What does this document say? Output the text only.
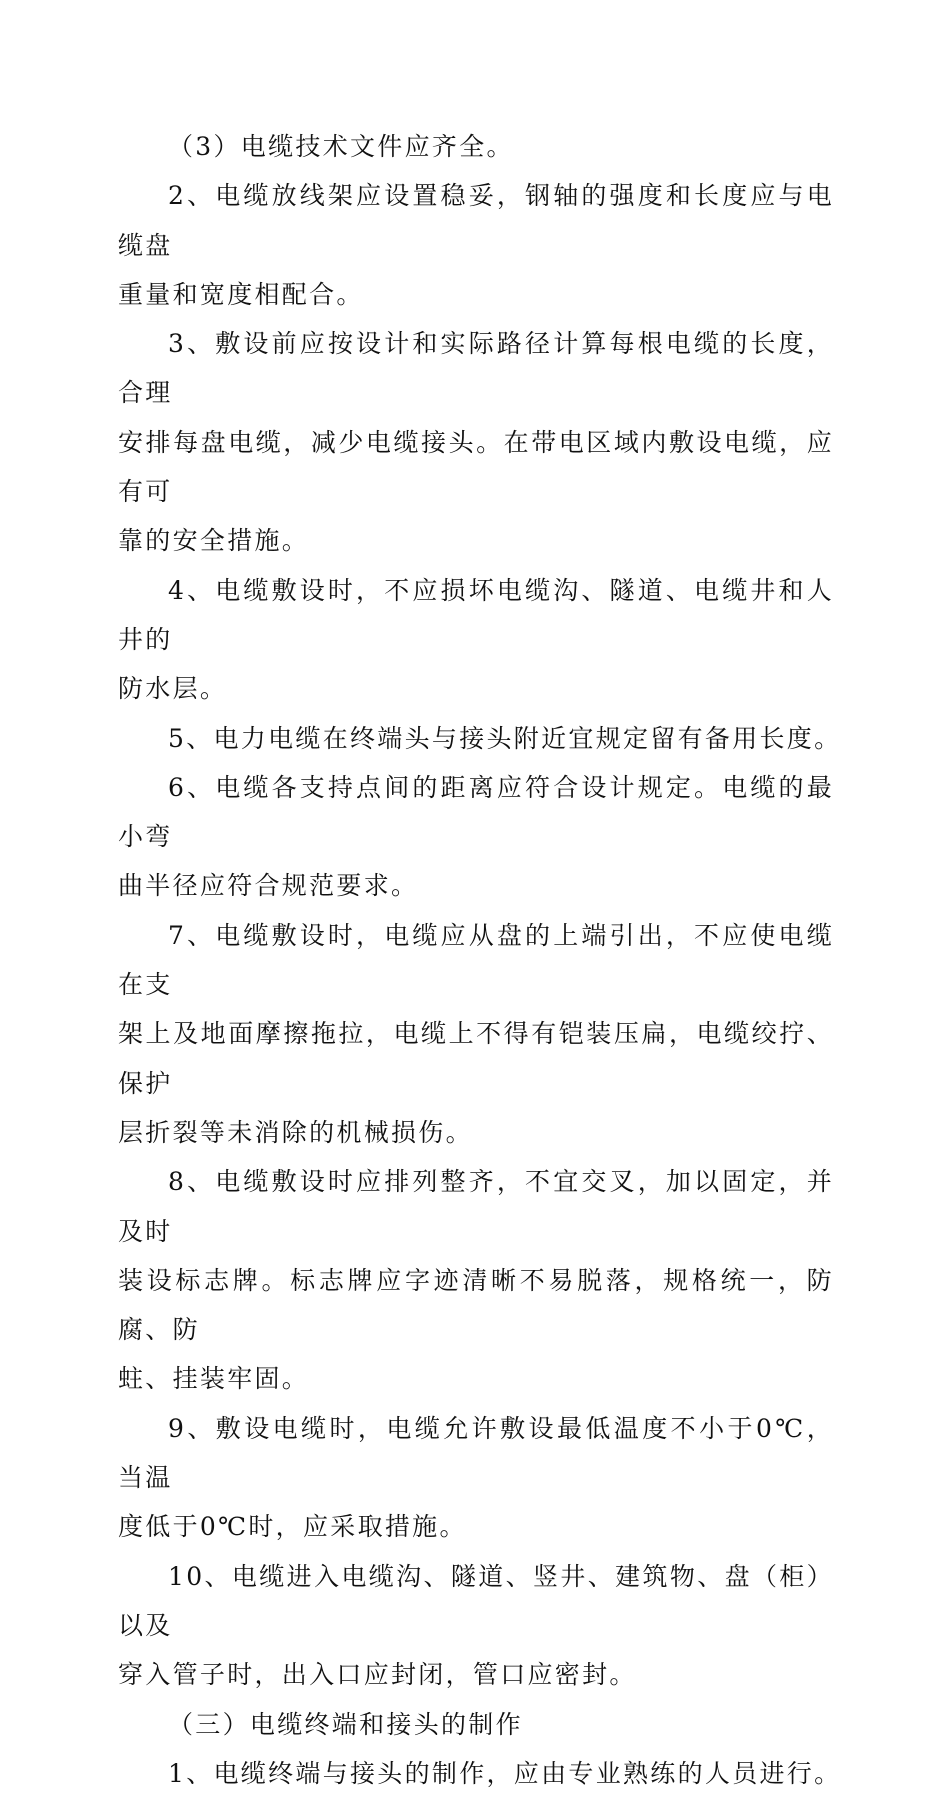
（3）电缆技术文件应齐全。

2、电缆放线架应设置稳妥，钢轴的强度和长度应与电缆盘
重量和宽度相配合。

3、敷设前应按设计和实际路径计算每根电缆的长度，合理
安排每盘电缆，减少电缆接头。在带电区域内敷设电缆，应有可
靠的安全措施。

4、电缆敷设时，不应损坏电缆沟、隧道、电缆井和人井的
防水层。

5、电力电缆在终端头与接头附近宜规定留有备用长度。

6、电缆各支持点间的距离应符合设计规定。电缆的最小弯
曲半径应符合规范要求。

7、电缆敷设时，电缆应从盘的上端引出，不应使电缆在支
架上及地面摩擦拖拉，电缆上不得有铠装压扁，电缆绞拧、保护
层折裂等未消除的机械损伤。

8、电缆敷设时应排列整齐，不宜交叉，加以固定，并及时
装设标志牌。标志牌应字迹清晰不易脱落，规格统一，防腐、防
蛀、挂装牢固。

9、敷设电缆时，电缆允许敷设最低温度不小于0℃，当温
度低于0℃时，应采取措施。

10、电缆进入电缆沟、隧道、竖井、建筑物、盘（柜）以及
穿入管子时，出入口应封闭，管口应密封。

（三）电缆终端和接头的制作

1、电缆终端与接头的制作，应由专业熟练的人员进行。
